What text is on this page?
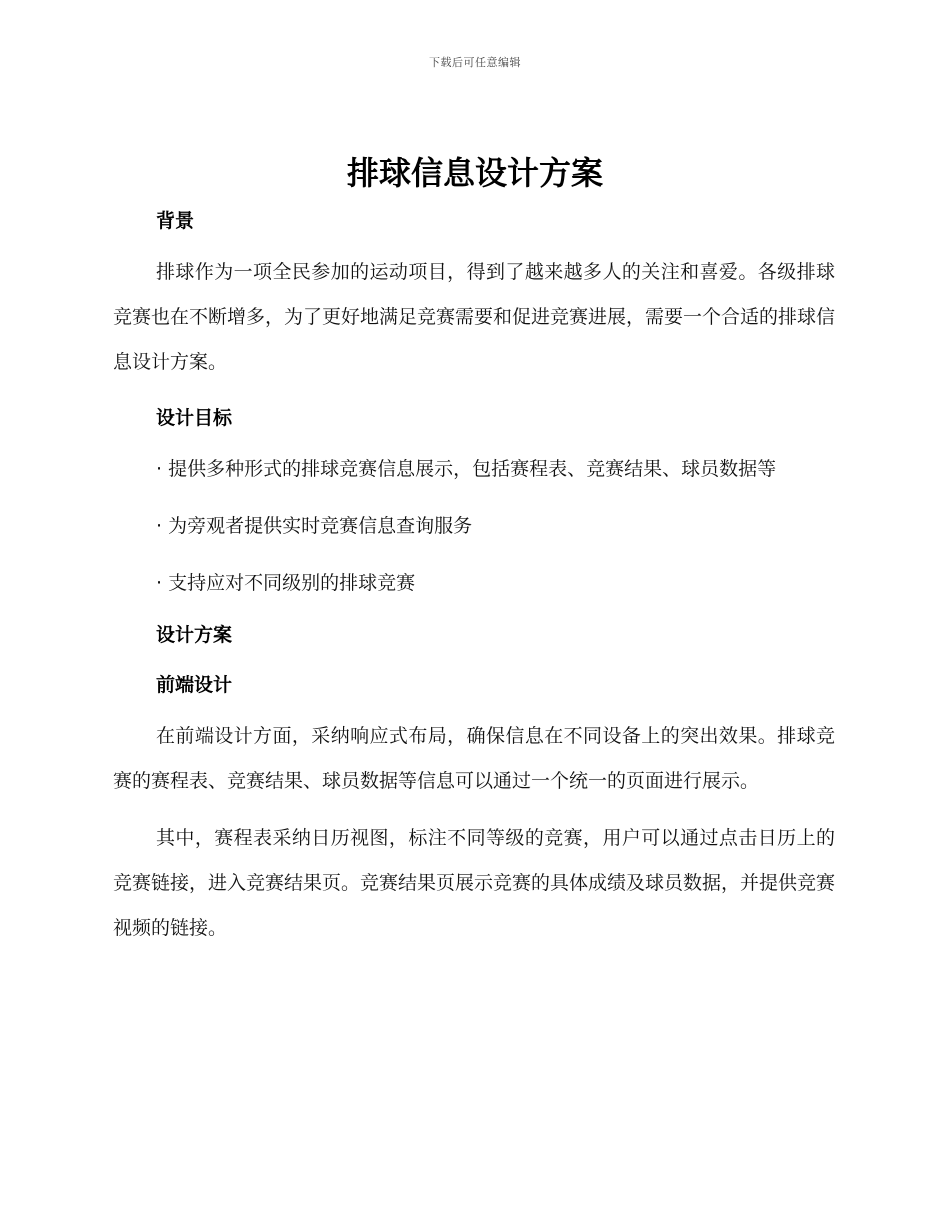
下载后可任意编辑
排球信息设计方案
背景

排球作为一项全民参加的运动项目，得到了越来越多人的关注和喜爱。各级排球竞赛也在不断增多，为了更好地满足竞赛需要和促进竞赛进展，需要一个合适的排球信息设计方案。

设计目标

· 提供多种形式的排球竞赛信息展示，包括赛程表、竞赛结果、球员数据等

· 为旁观者提供实时竞赛信息查询服务

· 支持应对不同级别的排球竞赛

设计方案
前端设计

在前端设计方面，采纳响应式布局，确保信息在不同设备上的突出效果。排球竞赛的赛程表、竞赛结果、球员数据等信息可以通过一个统一的页面进行展示。

其中，赛程表采纳日历视图，标注不同等级的竞赛，用户可以通过点击日历上的竞赛链接，进入竞赛结果页。竞赛结果页展示竞赛的具体成绩及球员数据，并提供竞赛视频的链接。
